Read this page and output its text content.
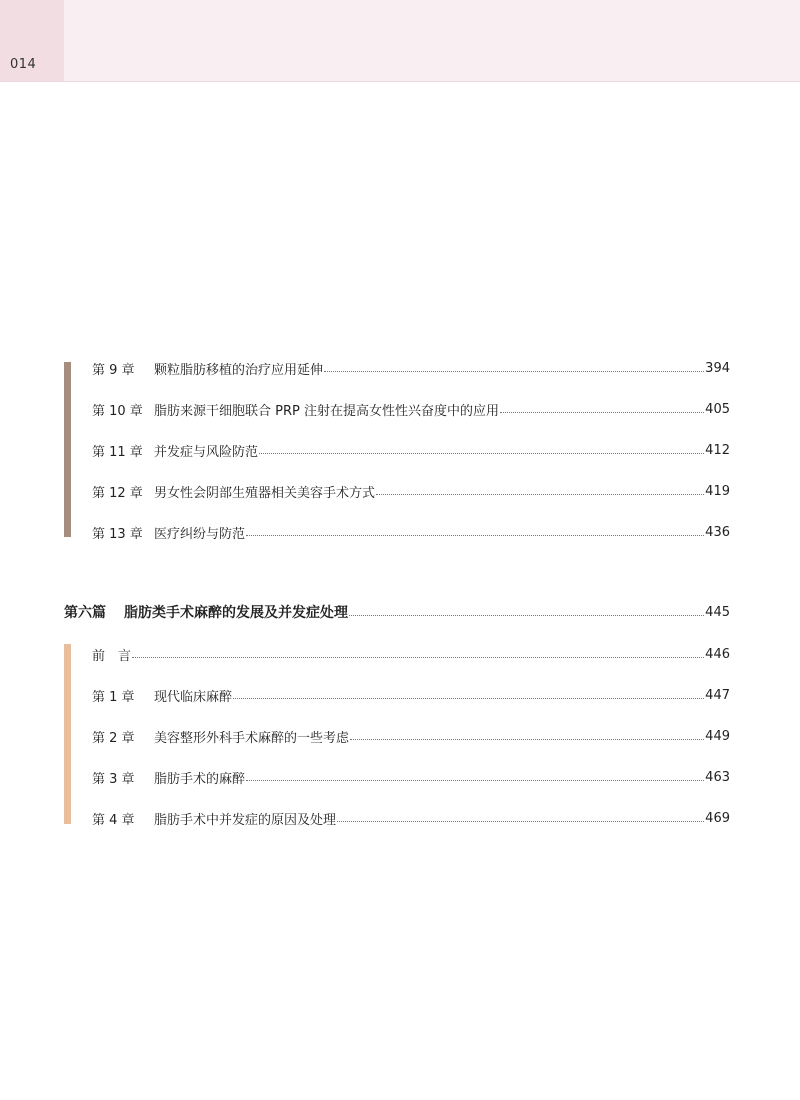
014
第 9 章	颗粒脂肪移植的治疗应用延伸	394
第 10 章 脂肪来源干细胞联合 PRP 注射在提高女性性兴奋度中的应用	405
第 11 章 并发症与风险防范	412
第 12 章 男女性会阴部生殖器相关美容手术方式	419
第 13 章 医疗纠纷与防范	436
第六篇	脂肪类手术麻醉的发展及并发症处理	445
前　言	446
第 1 章	现代临床麻醉	447
第 2 章	美容整形外科手术麻醉的一些考虑	449
第 3 章	脂肪手术的麻醉	463
第 4 章	脂肪手术中并发症的原因及处理	469
